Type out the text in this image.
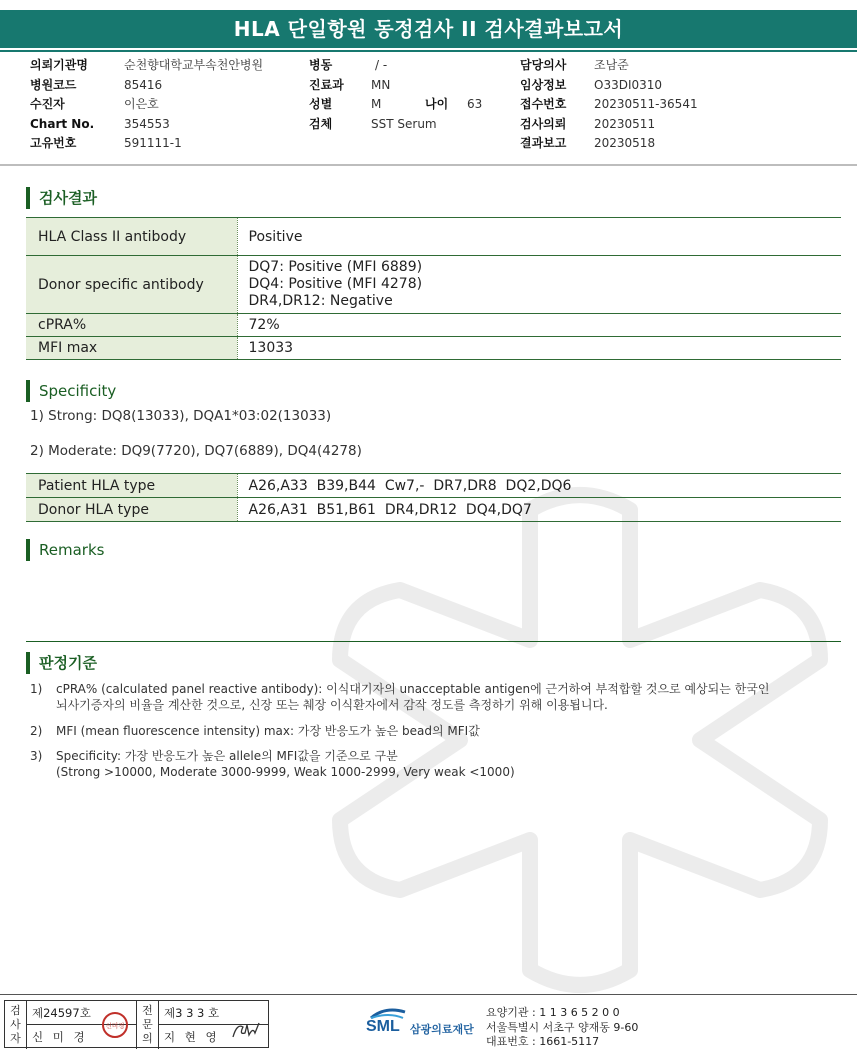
HLA 단일항원 동정검사 II 검사결과보고서
의뢰기관명	순천향대학교부속천안병원
병원코드	85416
수진자	이은호
Chart No. 354553
고유번호	591111-1
병동	/ -
진료과 MN
성별	M	나이 63
검체	SST Serum
담당의사 조남준
임상정보 O33DI0310
접수번호 20230511-36541
검사의뢰 20230511
결과보고 20230518
검사결과
HLA Class II antibody	Positive
Donor specific antibody	DQ7: Positive (MFI 6889)
DQ4: Positive (MFI 4278)
DR4,DR12: Negative

cPRA%	72%
MFI max	13033
Specificity
1) Strong: DQ8(13033), DQA1*03:02(13033)
2) Moderate: DQ9(7720), DQ7(6889), DQ4(4278)
Patient HLA type	A26,A33  B39,B44  Cw7,-  DR7,DR8  DQ2,DQ6
Donor HLA type	A26,A31  B51,B61  DR4,DR12  DQ4,DQ7
Remarks
판정기준
1) cPRA% (calculated panel reactive antibody): 이식대기자의 unacceptable antigen에 근거하여 부적합할 것으로 예상되는 한국인
뇌사기증자의 비율을 계산한 것으로, 신장 또는 췌장 이식환자에서 감작 정도를 측정하기 위해 이용됩니다.
2) MFI (mean fluorescence intensity) max: 가장 반응도가 높은 bead의 MFI값
3) Specificity: 가장 반응도가 높은 allele의 MFI값을 기준으로 구분
(Strong >10000, Moderate 3000-9999, Weak 1000-2999, Very weak <1000)
검사자
제24597호
신 미 경
신미경
전문의
제3 3 3 호
지 현 영
SML 삼광의료재단
요양기관 : 1 1 3 6 5 2 0 0
서울특별시 서초구 양재동 9-60
대표번호 : 1661-5117
